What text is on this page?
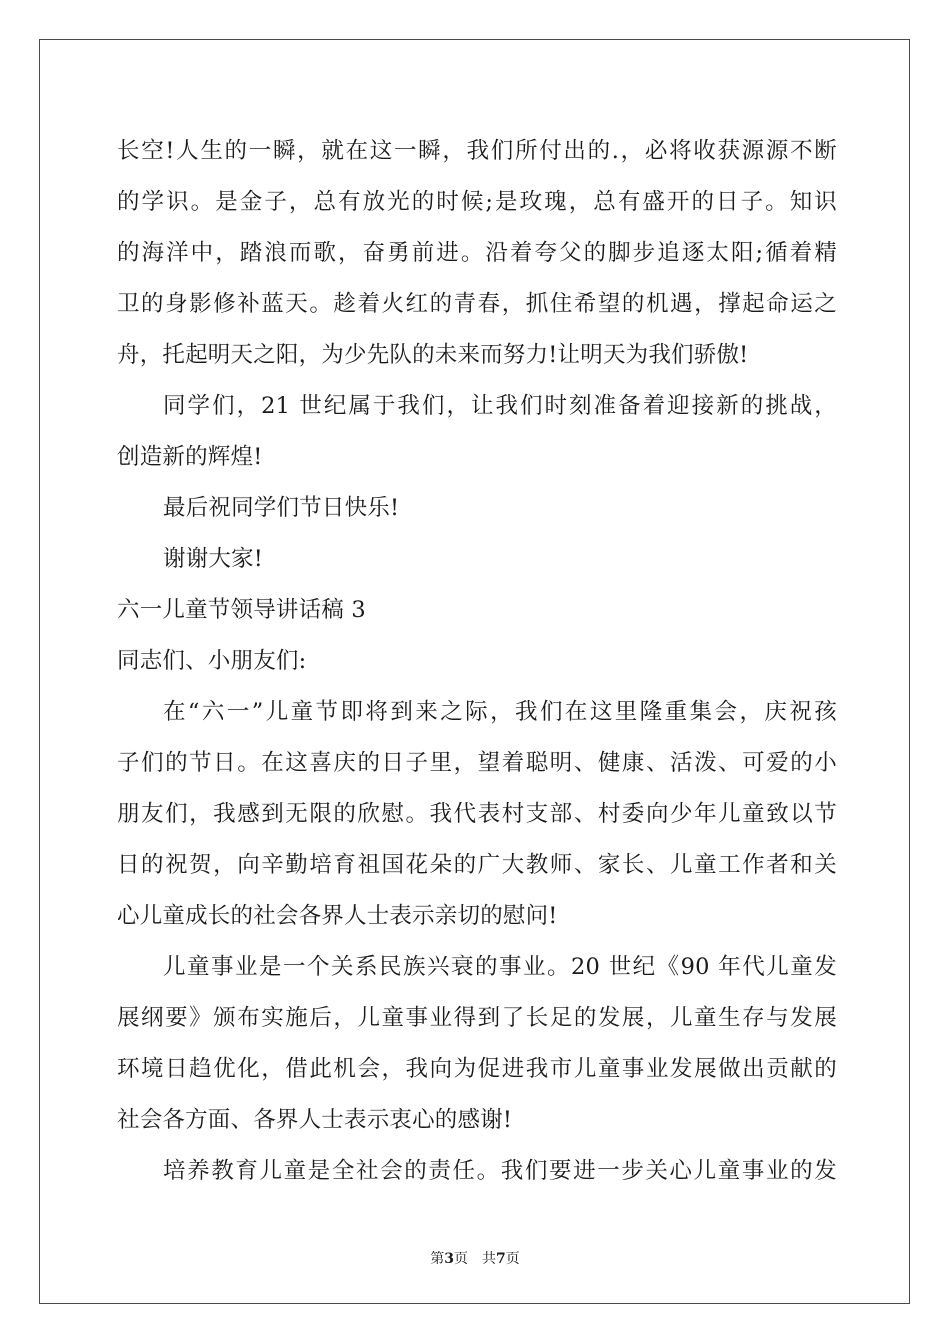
长空!人生的一瞬，就在这一瞬，我们所付出的.，必将收获源源不断
的学识。是金子，总有放光的时候;是玫瑰，总有盛开的日子。知识
的海洋中，踏浪而歌，奋勇前进。沿着夸父的脚步追逐太阳;循着精
卫的身影修补蓝天。趁着火红的青春，抓住希望的机遇，撑起命运之
舟，托起明天之阳，为少先队的未来而努力!让明天为我们骄傲!
同学们，21 世纪属于我们，让我们时刻准备着迎接新的挑战，
创造新的辉煌!
最后祝同学们节日快乐!
谢谢大家!
六一儿童节领导讲话稿 3
同志们、小朋友们:
在“六一”儿童节即将到来之际，我们在这里隆重集会，庆祝孩
子们的节日。在这喜庆的日子里，望着聪明、健康、活泼、可爱的小
朋友们，我感到无限的欣慰。我代表村支部、村委向少年儿童致以节
日的祝贺，向辛勤培育祖国花朵的广大教师、家长、儿童工作者和关
心儿童成长的社会各界人士表示亲切的慰问!
儿童事业是一个关系民族兴衰的事业。20 世纪《90 年代儿童发
展纲要》颁布实施后，儿童事业得到了长足的发展，儿童生存与发展
环境日趋优化，借此机会，我向为促进我市儿童事业发展做出贡献的
社会各方面、各界人士表示衷心的感谢!
培养教育儿童是全社会的责任。我们要进一步关心儿童事业的发
第3页 共7页
